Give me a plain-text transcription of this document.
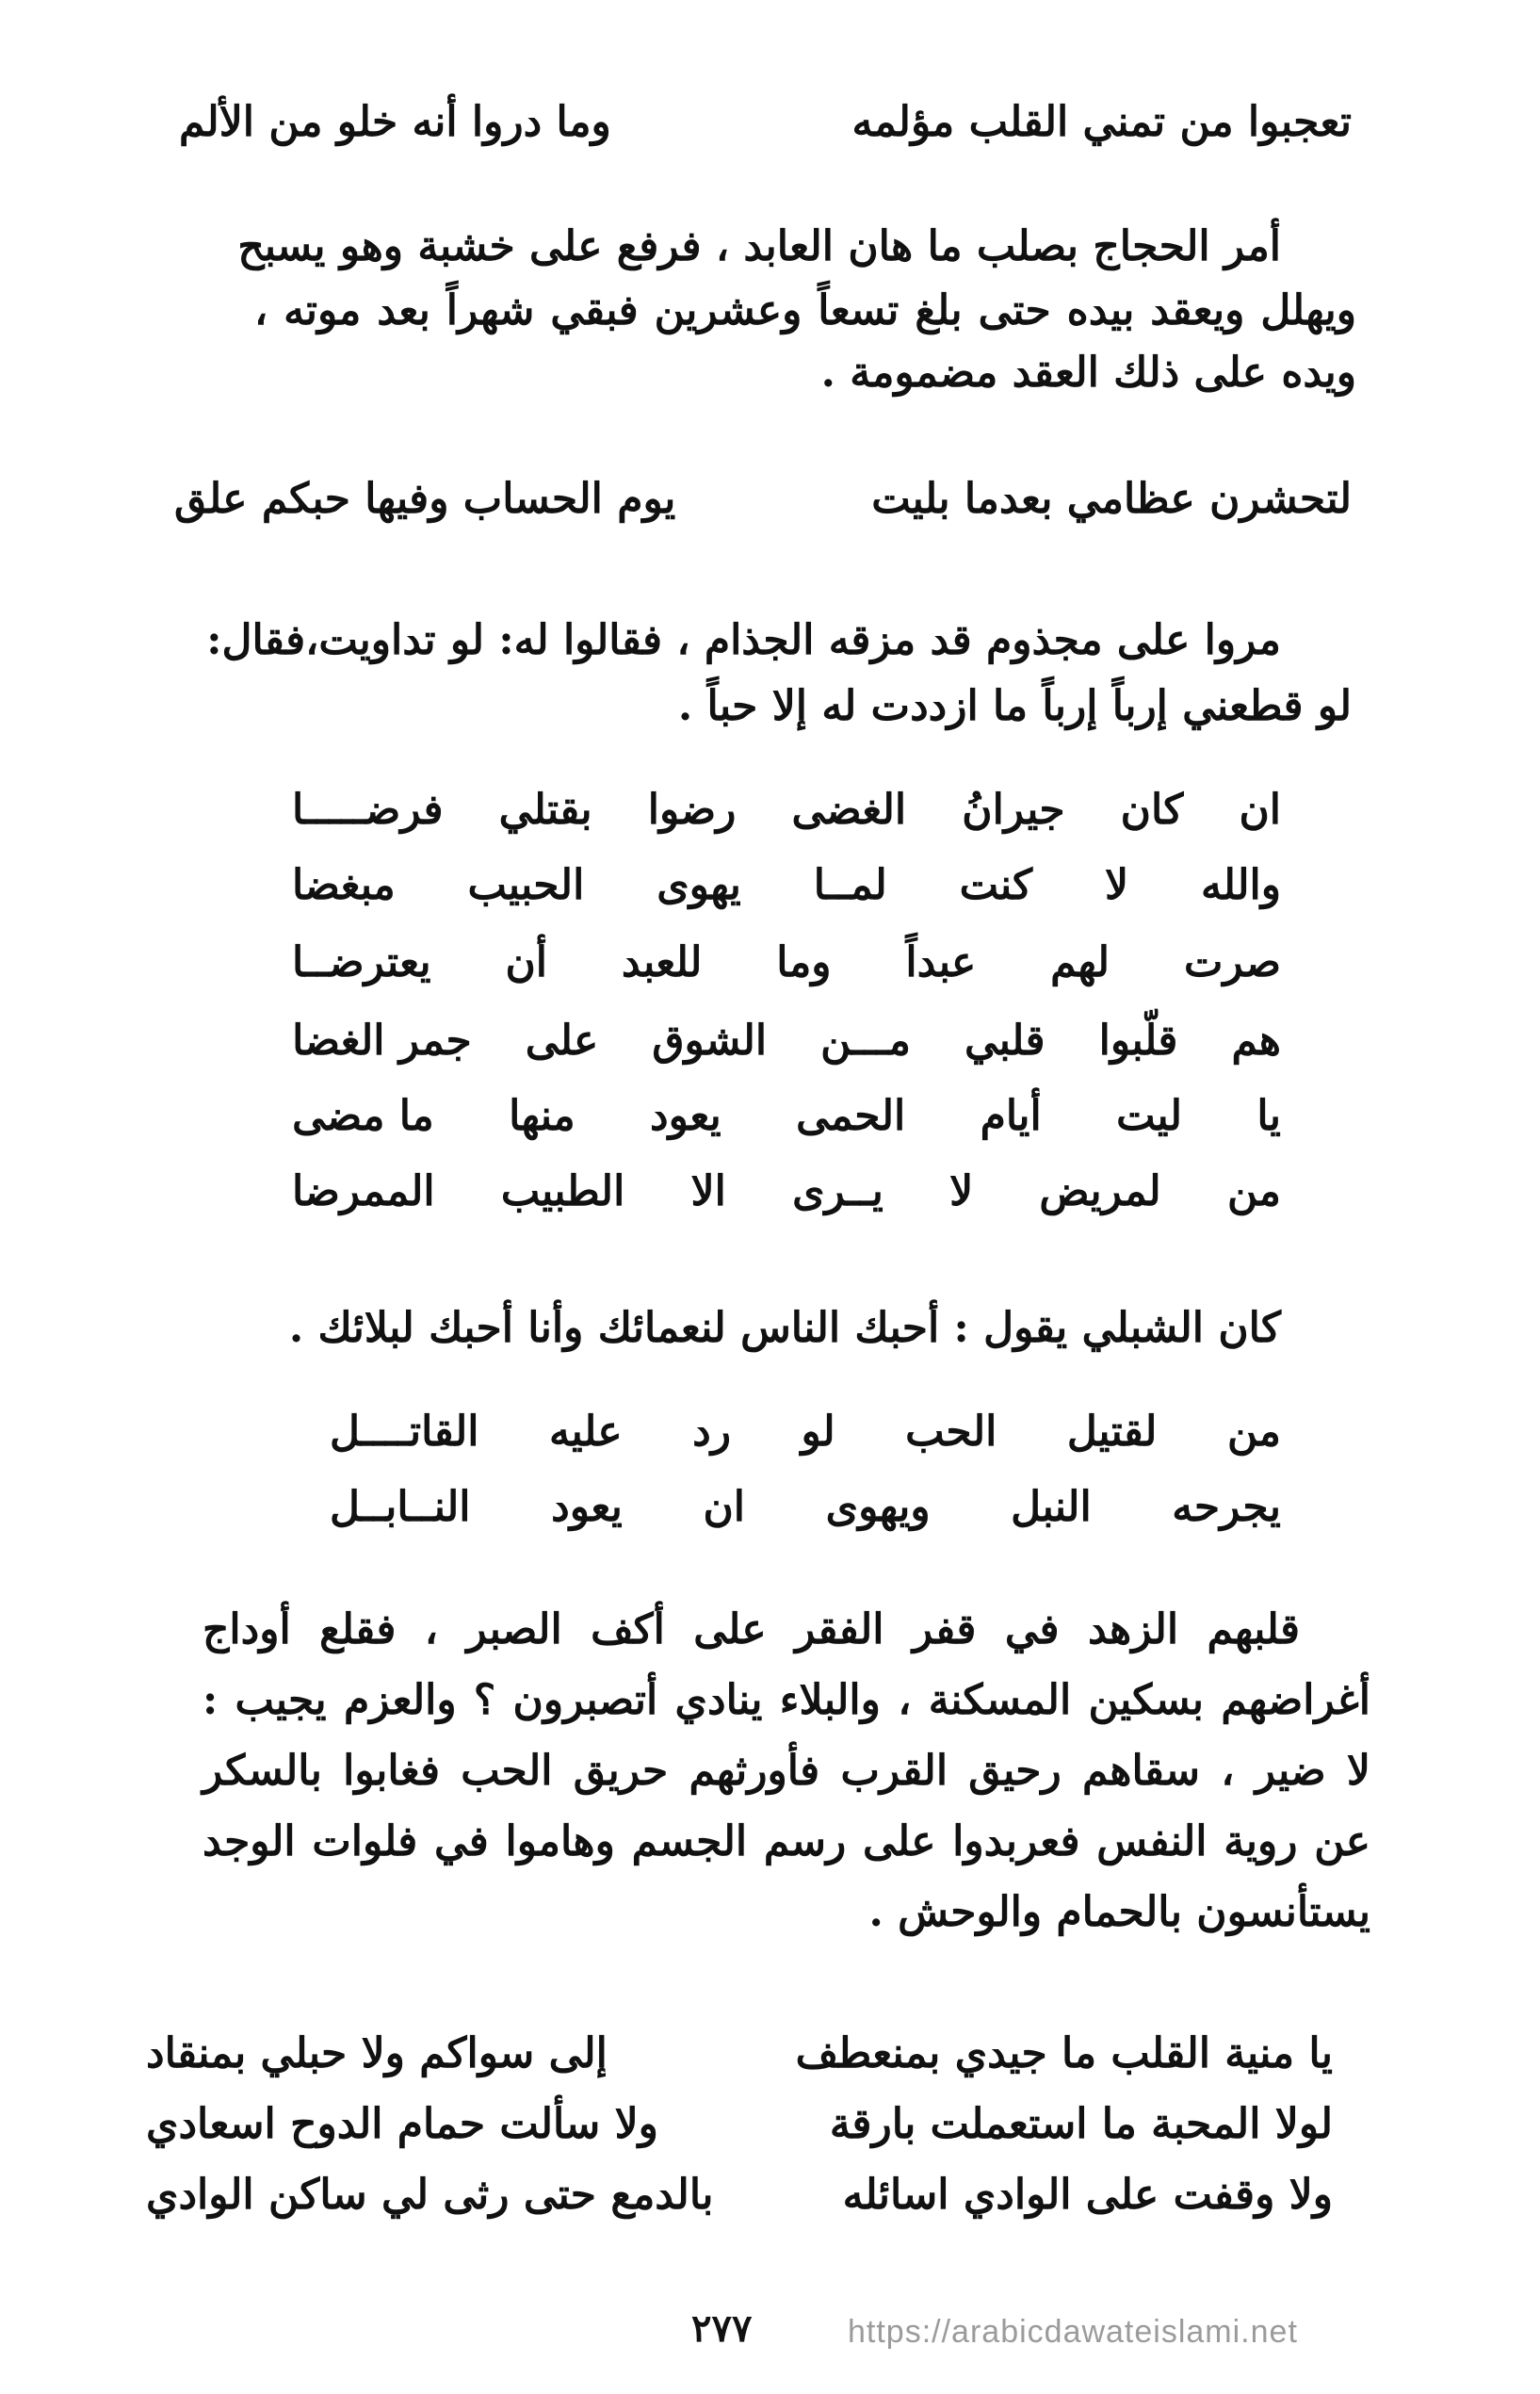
تعجبوا من تمني القلب مؤلمه
وما دروا أنه خلو من الألم
أمر الحجاج بصلب ما هان العابد ، فرفع على خشبة وهو يسبح
ويهلل ويعقد بيده حتى بلغ تسعاً وعشرين فبقي شهراً بعد موته ،
ويده على ذلك العقد مضمومة .
لتحشرن عظامي بعدما بليت
يوم الحساب وفيها حبكم علق
مروا على مجذوم قد مزقه الجذام ، فقالوا له: لو تداويت،فقال:
لو قطعني إرباً إرباً ما ازددت له إلا حباً .
ان
كان
جيرانُ
الغضى
رضوا
بقتلي
فرضـــــا
والله
لا
كنت
لمــا
يهوى
الحبيب
مبغضا
صرت
لهم
عبداً
وما
للعبد
أن
يعترضــا
هم
قلّبوا
قلبي
مـــن
الشوق
على
جمر الغضا
يا
ليت
أيام
الحمى
يعود
منها
ما مضى
من
لمريض
لا
يــرى
الا
الطبيب
الممرضا
كان الشبلي يقول : أحبك الناس لنعمائك وأنا أحبك لبلائك .
من
لقتيل
الحب
لو
رد
عليه
القاتــــل
يجرحه
النبل
ويهوى
ان
يعود
النــابــل
قلبهم الزهد في قفر الفقر على أكف الصبر ، فقلع أوداج
أغراضهم بسكين المسكنة ، والبلاء ينادي أتصبرون ؟ والعزم يجيب :
لا ضير ، سقاهم رحيق القرب فأورثهم حريق الحب فغابوا بالسكر
عن روية النفس فعربدوا على رسم الجسم وهاموا في فلوات الوجد
يستأنسون بالحمام والوحش .
يا منية القلب ما جيدي بمنعطف
إلى سواكم ولا حبلي بمنقاد
لولا المحبة ما استعملت بارقة
ولا سألت حمام الدوح اسعادي
ولا وقفت على الوادي اسائله
بالدمع حتى رثى لي ساكن الوادي
٢٧٧	https://arabicdawateislami.net
